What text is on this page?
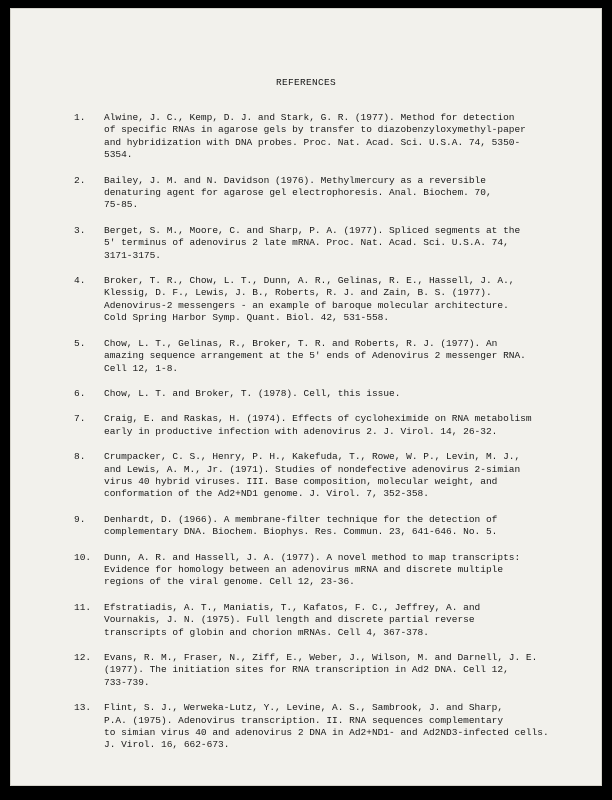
REFERENCES
1.	Alwine, J. C., Kemp, D. J. and Stark, G. R. (1977). Method for detection
of specific RNAs in agarose gels by transfer to diazobenzyloxymethyl-paper
and hybridization with DNA probes. Proc. Nat. Acad. Sci. U.S.A. 74, 5350-
5354.
2.	Bailey, J. M. and N. Davidson (1976). Methylmercury as a reversible
denaturing agent for agarose gel electrophoresis. Anal. Biochem. 70,
75-85.
3.	Berget, S. M., Moore, C. and Sharp, P. A. (1977). Spliced segments at the
5' terminus of adenovirus 2 late mRNA. Proc. Nat. Acad. Sci. U.S.A. 74,
3171-3175.
4.	Broker, T. R., Chow, L. T., Dunn, A. R., Gelinas, R. E., Hassell, J. A.,
Klessig, D. F., Lewis, J. B., Roberts, R. J. and Zain, B. S. (1977).
Adenovirus-2 messengers - an example of baroque molecular architecture.
Cold Spring Harbor Symp. Quant. Biol. 42, 531-558.
5.	Chow, L. T., Gelinas, R., Broker, T. R. and Roberts, R. J. (1977). An
amazing sequence arrangement at the 5' ends of Adenovirus 2 messenger RNA.
Cell 12, 1-8.
6.	Chow, L. T. and Broker, T. (1978). Cell, this issue.
7.	Craig, E. and Raskas, H. (1974). Effects of cycloheximide on RNA metabolism
early in productive infection with adenovirus 2. J. Virol. 14, 26-32.
8.	Crumpacker, C. S., Henry, P. H., Kakefuda, T., Rowe, W. P., Levin, M. J.,
and Lewis, A. M., Jr. (1971). Studies of nondefective adenovirus 2-simian
virus 40 hybrid viruses. III. Base composition, molecular weight, and
conformation of the Ad2+ND1 genome. J. Virol. 7, 352-358.
9.	Denhardt, D. (1966). A membrane-filter technique for the detection of
complementary DNA. Biochem. Biophys. Res. Commun. 23, 641-646. No. 5.
10.	Dunn, A. R. and Hassell, J. A. (1977). A novel method to map transcripts:
Evidence for homology between an adenovirus mRNA and discrete multiple
regions of the viral genome. Cell 12, 23-36.
11.	Efstratiadis, A. T., Maniatis, T., Kafatos, F. C., Jeffrey, A. and
Vournakis, J. N. (1975). Full length and discrete partial reverse
transcripts of globin and chorion mRNAs. Cell 4, 367-378.
12.	Evans, R. M., Fraser, N., Ziff, E., Weber, J., Wilson, M. and Darnell, J. E.
(1977). The initiation sites for RNA transcription in Ad2 DNA. Cell 12,
733-739.
13.	Flint, S. J., Werweka-Lutz, Y., Levine, A. S., Sambrook, J. and Sharp,
P.A. (1975). Adenovirus transcription. II. RNA sequences complementary
to simian virus 40 and adenovirus 2 DNA in Ad2+ND1- and Ad2ND3-infected cells.
J. Virol. 16, 662-673.
